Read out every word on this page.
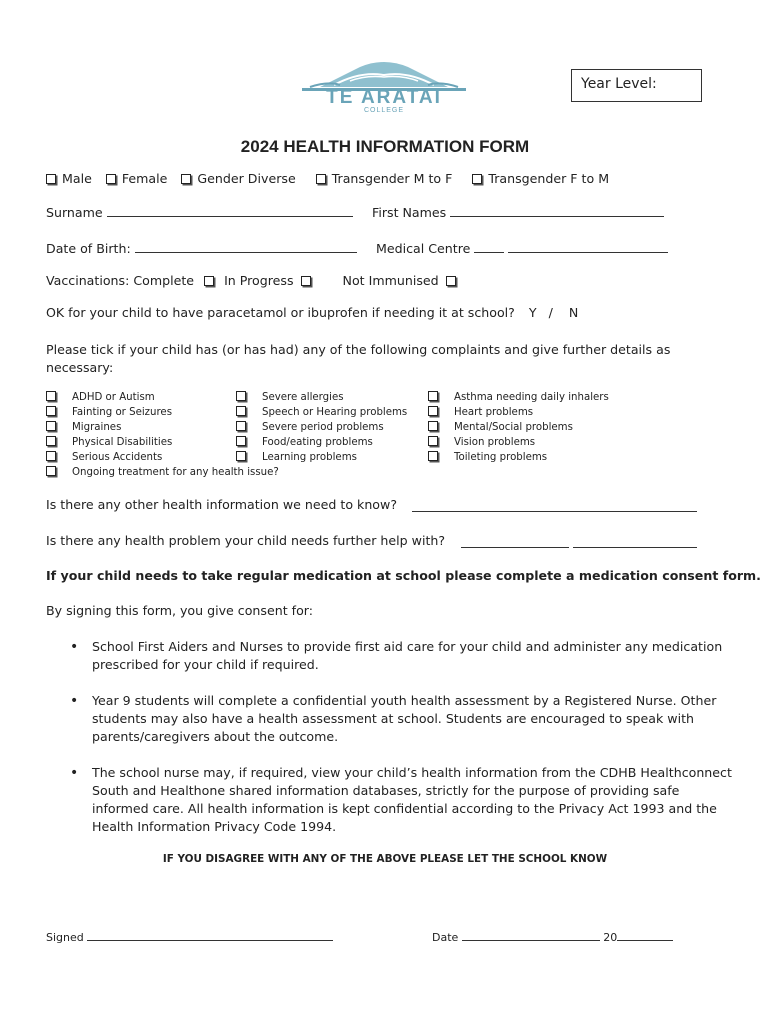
TE ARATAI
COLLEGE
Year Level:
2024 HEALTH INFORMATION FORM
Male Female Gender Diverse	Transgender M to F	Transgender F to M
Surname	First Names
Date of Birth:	Medical Centre
Vaccinations: Complete In Progress	Not Immunised
OK for your child to have paracetamol or ibuprofen if needing it at school? Y / N
Please tick if your child has (or has had) any of the following complaints and give further details as necessary:
ADHD or Autism
Fainting or Seizures
Migraines
Physical Disabilities
Serious Accidents
Ongoing treatment for any health issue?
Severe allergies
Speech or Hearing problems
Severe period problems
Food/eating problems
Learning problems
Asthma needing daily inhalers
Heart problems
Mental/Social problems
Vision problems
Toileting problems
Is there any other health information we need to know?
Is there any health problem your child needs further help with?
If your child needs to take regular medication at school please complete a medication consent form.
By signing this form, you give consent for:
• School First Aiders and Nurses to provide first aid care for your child and administer any medication prescribed for your child if required.
• Year 9 students will complete a confidential youth health assessment by a Registered Nurse. Other students may also have a health assessment at school. Students are encouraged to speak with parents/caregivers about the outcome.
• The school nurse may, if required, view your child’s health information from the CDHB Healthconnect South and Healthone shared information databases, strictly for the purpose of providing safe informed care. All health information is kept confidential according to the Privacy Act 1993 and the Health Information Privacy Code 1994.
IF YOU DISAGREE WITH ANY OF THE ABOVE PLEASE LET THE SCHOOL KNOW
Signed	Date	20
